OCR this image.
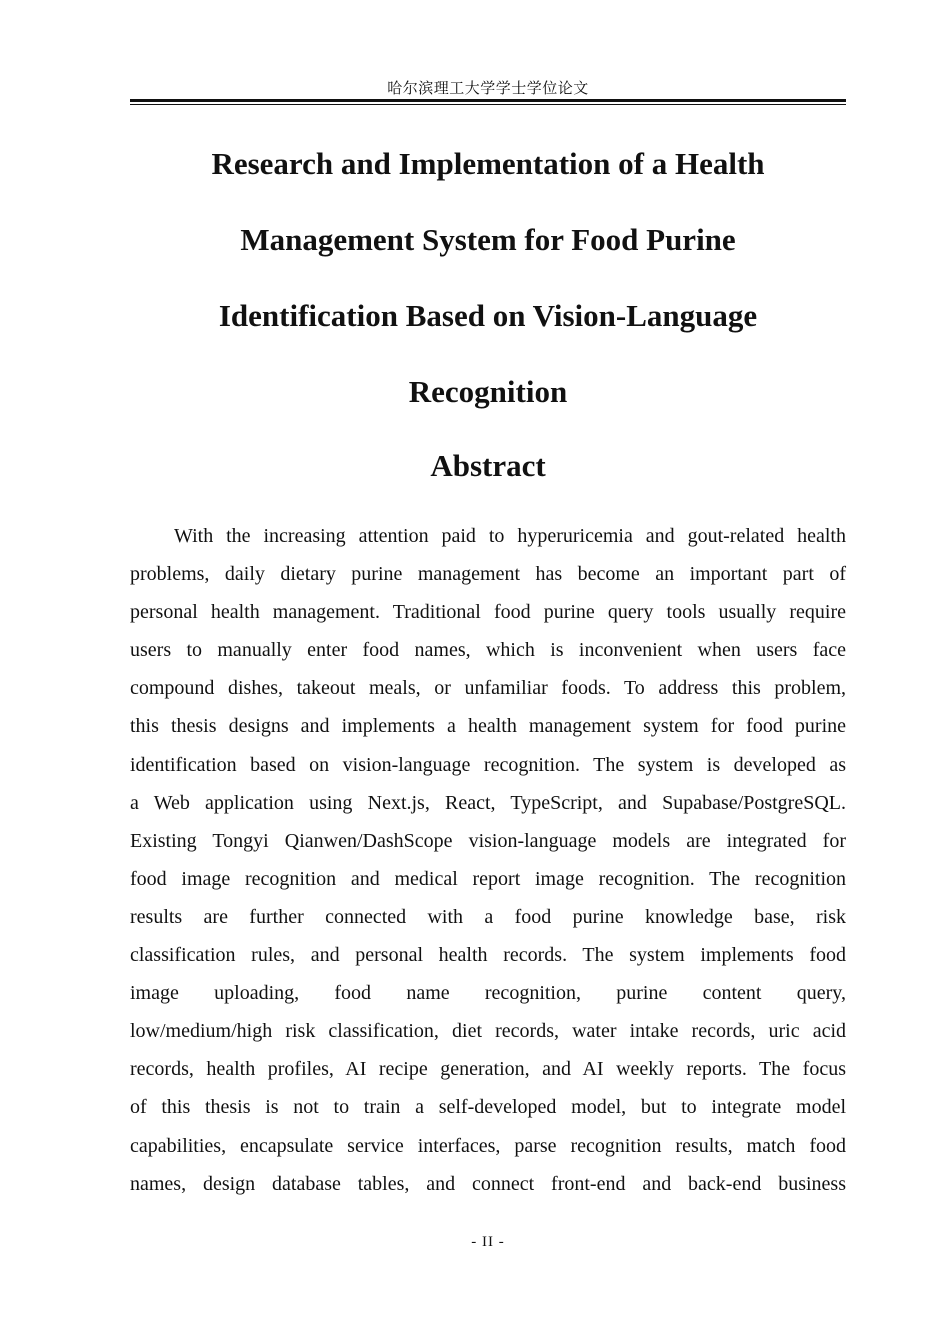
哈尔滨理工大学学士学位论文

Research and Implementation of a Health

Management System for Food Purine

Identification Based on Vision-Language

Recognition

Abstract
With the increasing attention paid to hyperuricemia and gout-related health
problems, daily dietary purine management has become an important part of
personal health management. Traditional food purine query tools usually require
users to manually enter food names, which is inconvenient when users face
compound dishes, takeout meals, or unfamiliar foods. To address this problem,
this thesis designs and implements a health management system for food purine
identification based on vision-language recognition. The system is developed as
a Web application using Next.js, React, TypeScript, and Supabase/PostgreSQL.
Existing Tongyi Qianwen/DashScope vision-language models are integrated for
food image recognition and medical report image recognition. The recognition
results are further connected with a food purine knowledge base, risk
classification rules, and personal health records. The system implements food
image uploading, food name recognition, purine content query,
low/medium/high risk classification, diet records, water intake records, uric acid
records, health profiles, AI recipe generation, and AI weekly reports. The focus
of this thesis is not to train a self-developed model, but to integrate model
capabilities, encapsulate service interfaces, parse recognition results, match food
names, design database tables, and connect front-end and back-end business
- II -
